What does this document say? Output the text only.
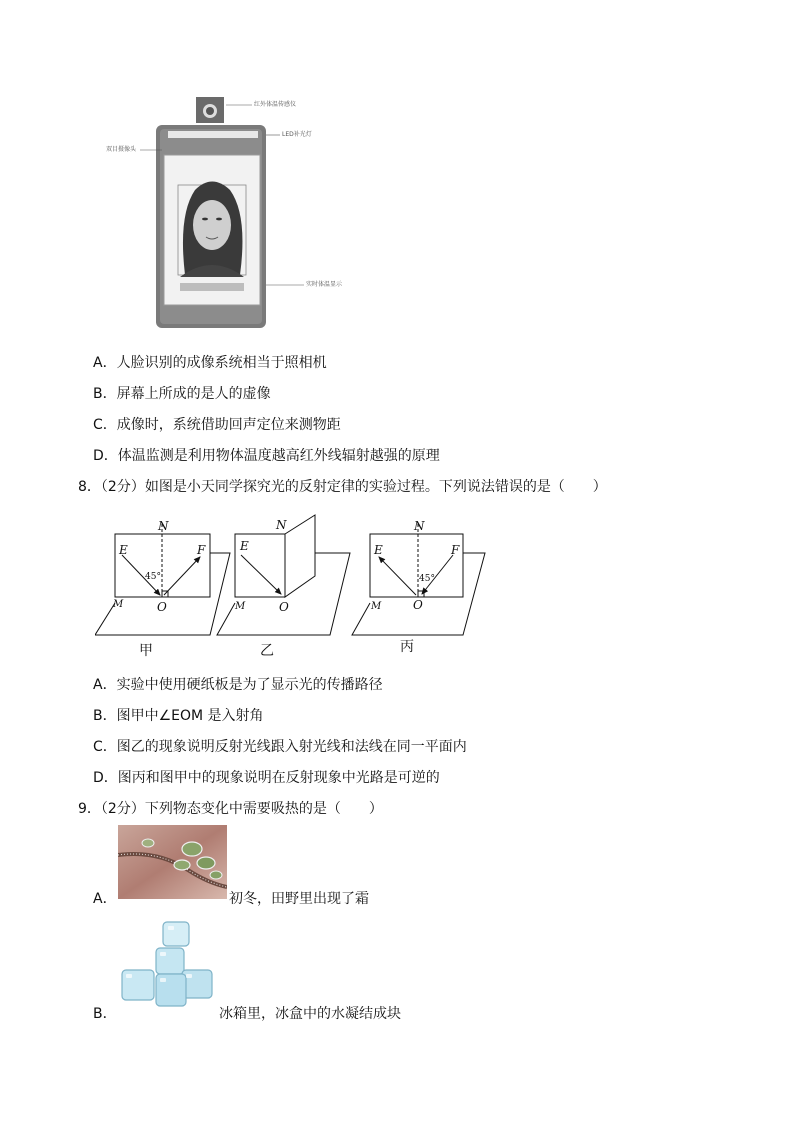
红外体温传感仪
LED补光灯
双目摄像头
实时体温显示
A．人脸识别的成像系统相当于照相机
B．屏幕上所成的是人的虚像
C．成像时，系统借助回声定位来测物距
D．体温监测是利用物体温度越高红外线辐射越强的原理
8．（2分）如图是小天同学探究光的反射定律的实验过程。下列说法错误的是（　　）
N
E	F
O
M
N
E
O
M
N
E	F
O
M
45°	45°
甲	乙	丙
A．实验中使用硬纸板是为了显示光的传播路径
B．图甲中∠EOM 是入射角
C．图乙的现象说明反射光线跟入射光线和法线在同一平面内
D．图丙和图甲中的现象说明在反射现象中光路是可逆的
9．（2分）下列物态变化中需要吸热的是（　　）
A．	初冬，田野里出现了霜
B．	冰箱里，冰盒中的水凝结成块
